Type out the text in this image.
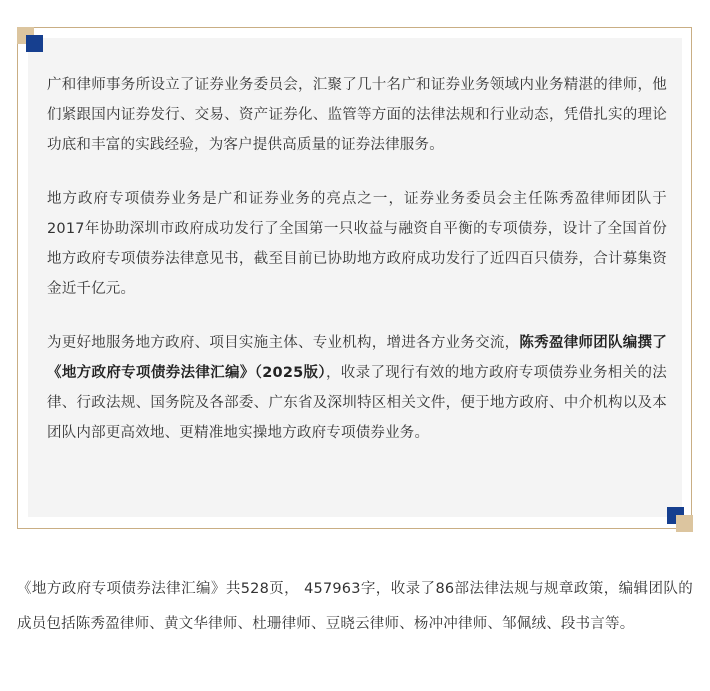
广和律师事务所设立了证券业务委员会，汇聚了几十名广和证券业务领域内业务精湛的律师，他们紧跟国内证券发行、交易、资产证券化、监管等方面的法律法规和行业动态，凭借扎实的理论功底和丰富的实践经验，为客户提供高质量的证券法律服务。

地方政府专项债券业务是广和证券业务的亮点之一，证券业务委员会主任陈秀盈律师团队于2017年协助深圳市政府成功发行了全国第一只收益与融资自平衡的专项债券，设计了全国首份地方政府专项债券法律意见书，截至目前已协助地方政府成功发行了近四百只债券，合计募集资金近千亿元。

为更好地服务地方政府、项目实施主体、专业机构，增进各方业务交流，陈秀盈律师团队编撰了《地方政府专项债券法律汇编》（2025版），收录了现行有效的地方政府专项债券业务相关的法律、行政法规、国务院及各部委、广东省及深圳特区相关文件，便于地方政府、中介机构以及本团队内部更高效地、更精准地实操地方政府专项债券业务。

《地方政府专项债券法律汇编》共528页， 457963字，收录了86部法律法规与规章政策，编辑团队的成员包括陈秀盈律师、黄文华律师、杜珊律师、豆晓云律师、杨冲冲律师、邹佩绒、段书言等。
